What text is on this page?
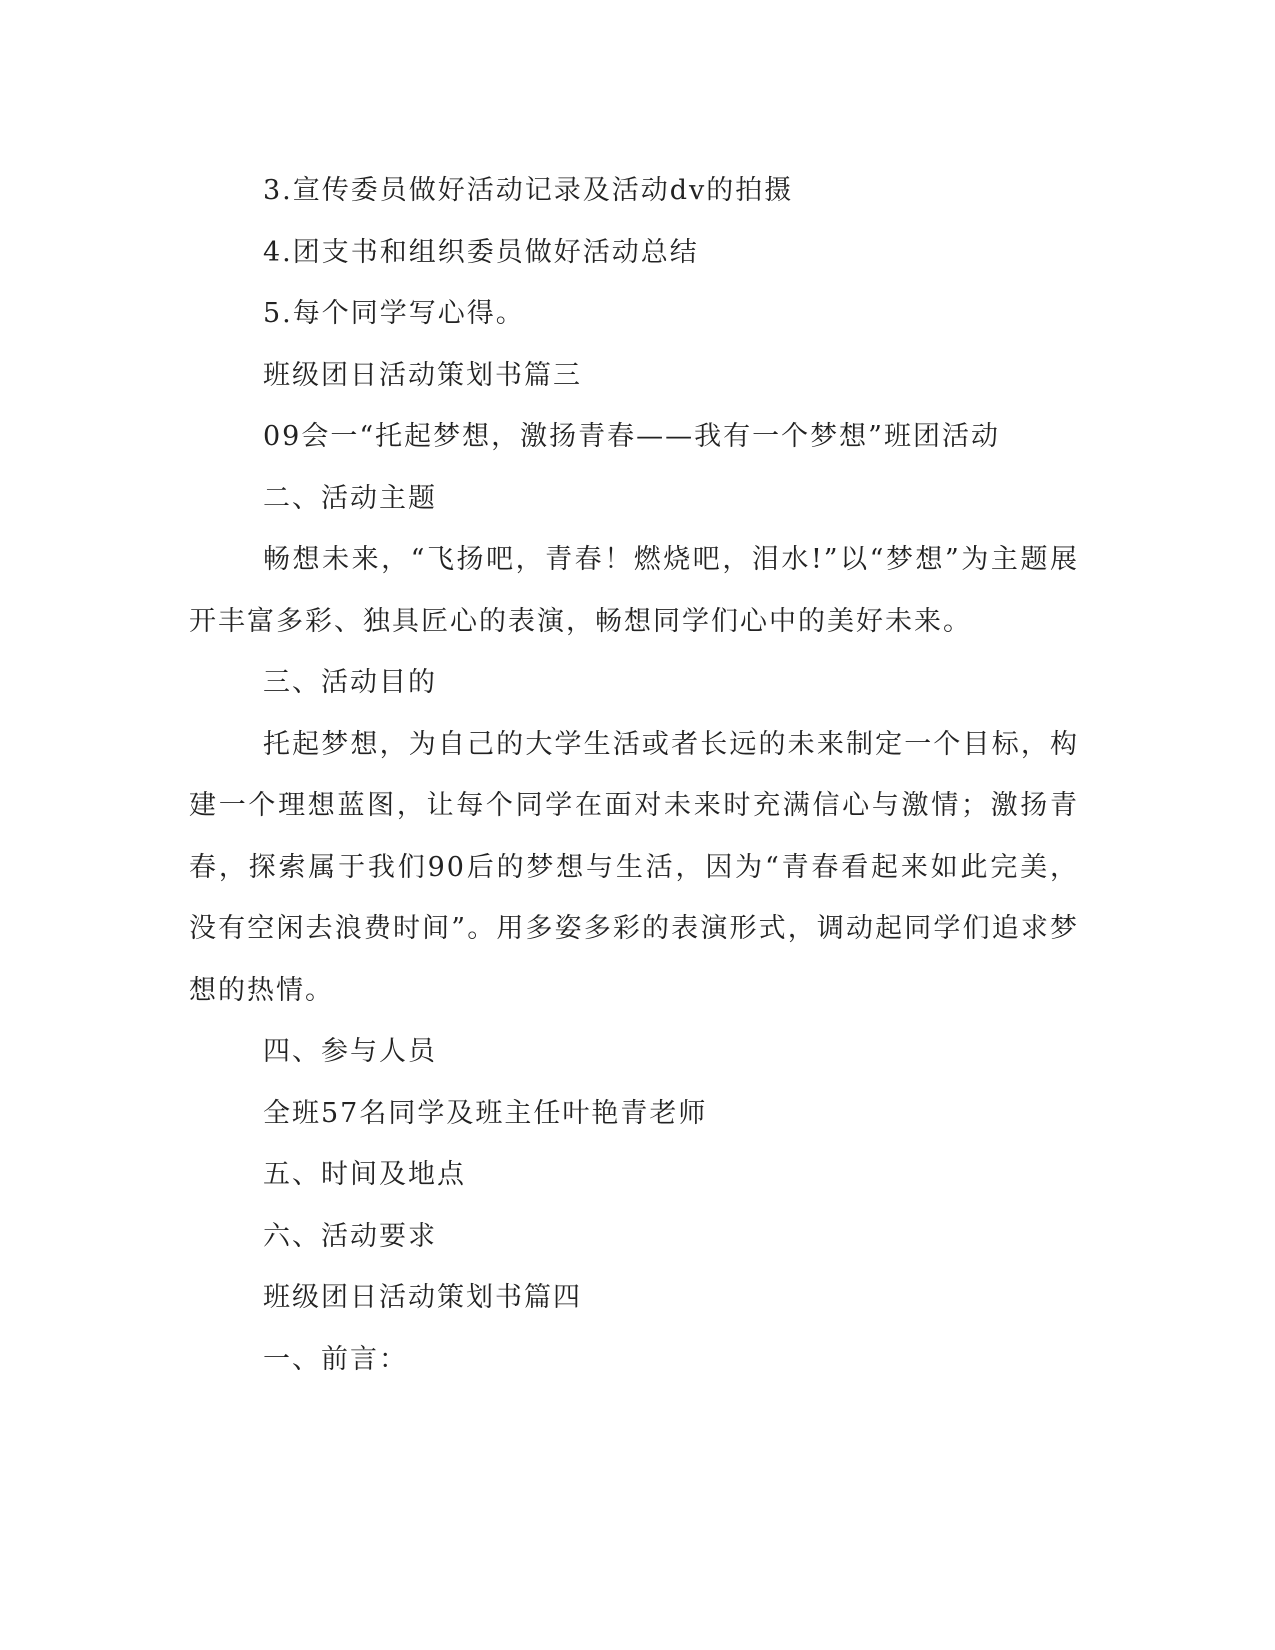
3.宣传委员做好活动记录及活动dv的拍摄

4.团支书和组织委员做好活动总结

5.每个同学写心得。

班级团日活动策划书篇三

09会一“托起梦想，激扬青春——我有一个梦想”班团活动

二、活动主题

畅想未来，“飞扬吧，青春！燃烧吧，泪水!”以“梦想”为主题展开丰富多彩、独具匠心的表演，畅想同学们心中的美好未来。

三、活动目的

托起梦想，为自己的大学生活或者长远的未来制定一个目标，构建一个理想蓝图，让每个同学在面对未来时充满信心与激情；激扬青春，探索属于我们90后的梦想与生活，因为“青春看起来如此完美，没有空闲去浪费时间”。用多姿多彩的表演形式，调动起同学们追求梦想的热情。

四、参与人员

全班57名同学及班主任叶艳青老师

五、时间及地点

六、活动要求

班级团日活动策划书篇四

一、前言：
